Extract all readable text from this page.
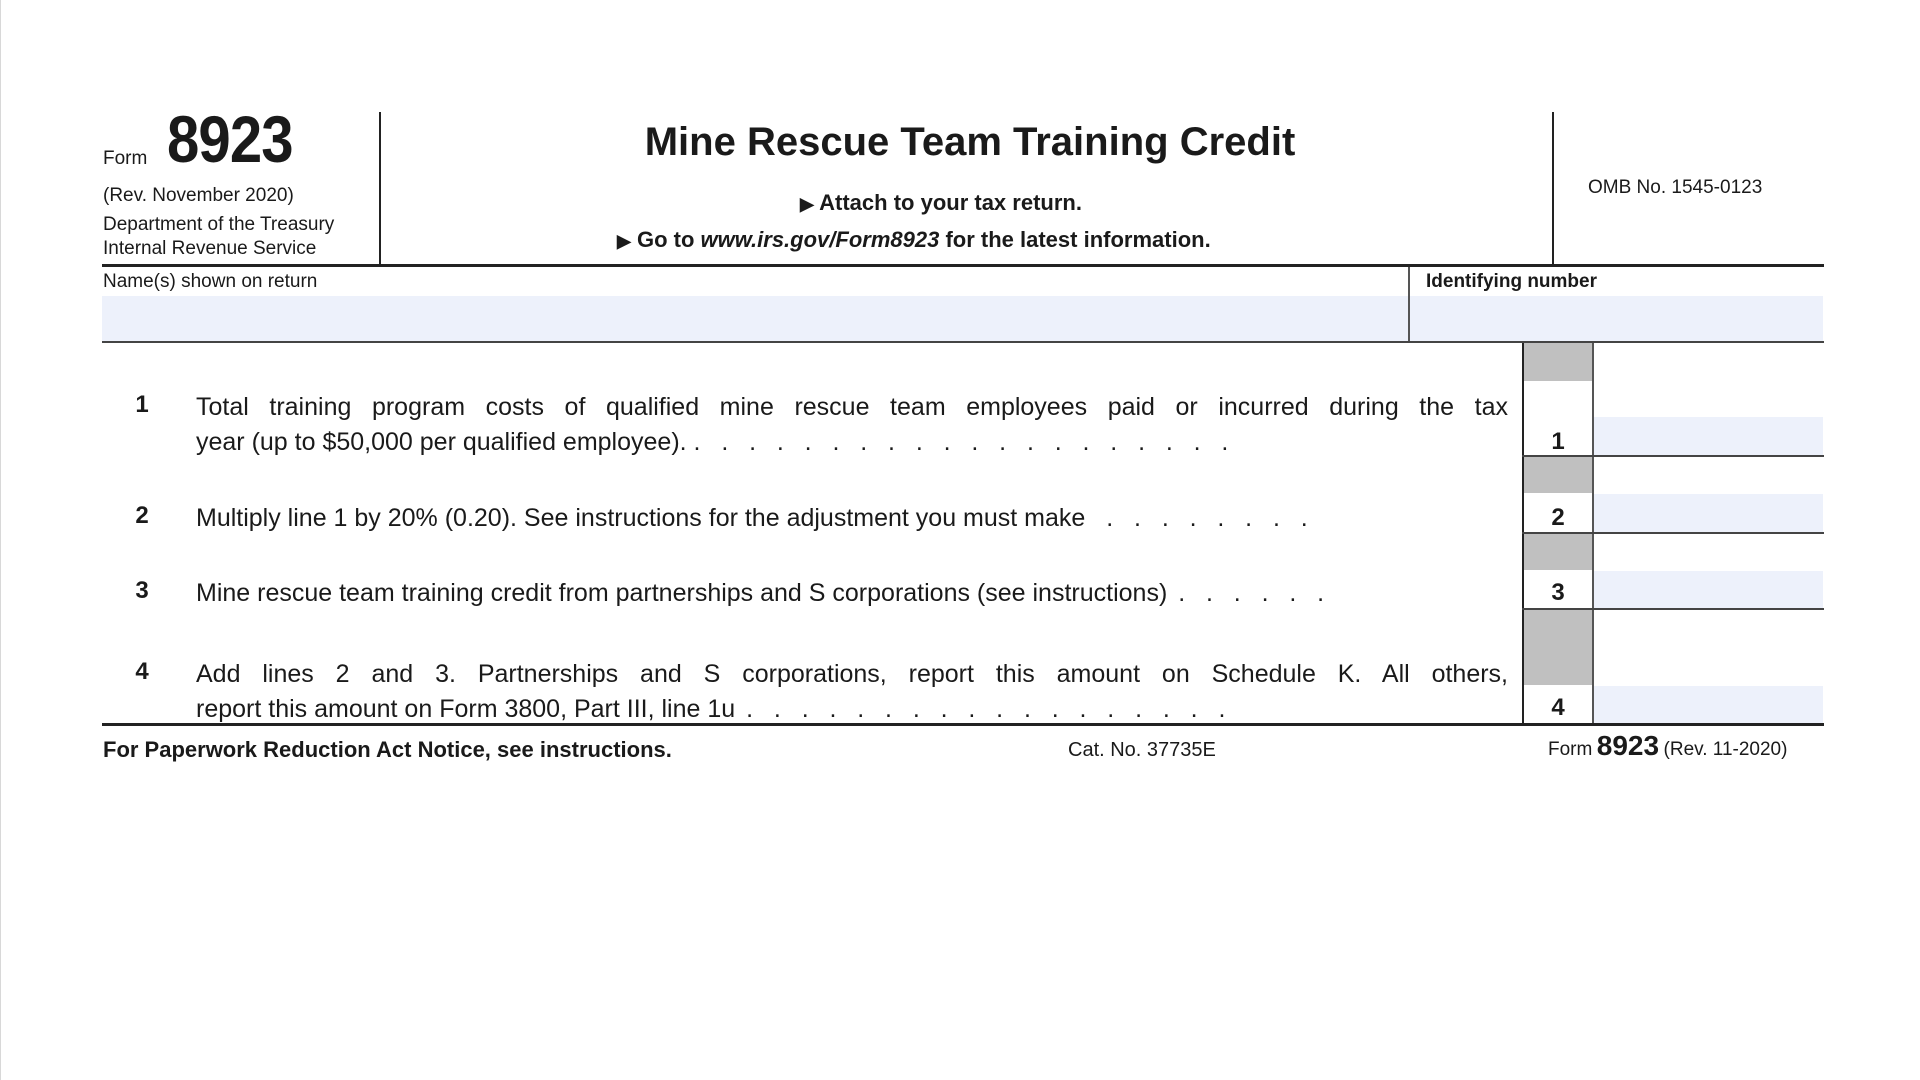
Form 8923
(Rev. November 2020)
Department of the Treasury
Internal Revenue Service
Mine Rescue Team Training Credit
▶ Attach to your tax return.
▶ Go to www.irs.gov/Form8923 for the latest information.
OMB No. 1545-0123
Name(s) shown on return	Identifying number
1	Total training program costs of qualified mine rescue team employees paid or incurred during the tax
year (up to $50,000 per qualified employee). .   .   .   .   .   .   .   .   .   .   .   .   .   .   .   .   .   .   .   .	1
2	Multiply line 1 by 20% (0.20). See instructions for the adjustment you must make .   .   .   .   .   .   .   .	2
3	Mine rescue team training credit from partnerships and S corporations (see instructions) .   .   .   .   .   .	3
4	Add lines 2 and 3. Partnerships and S corporations, report this amount on Schedule K. All others,
report this amount on Form 3800, Part III, line 1u .   .   .   .   .   .   .   .   .   .   .   .   .   .   .   .   .   .	4
For Paperwork Reduction Act Notice, see instructions.	Cat. No. 37735E	Form 8923 (Rev. 11-2020)
